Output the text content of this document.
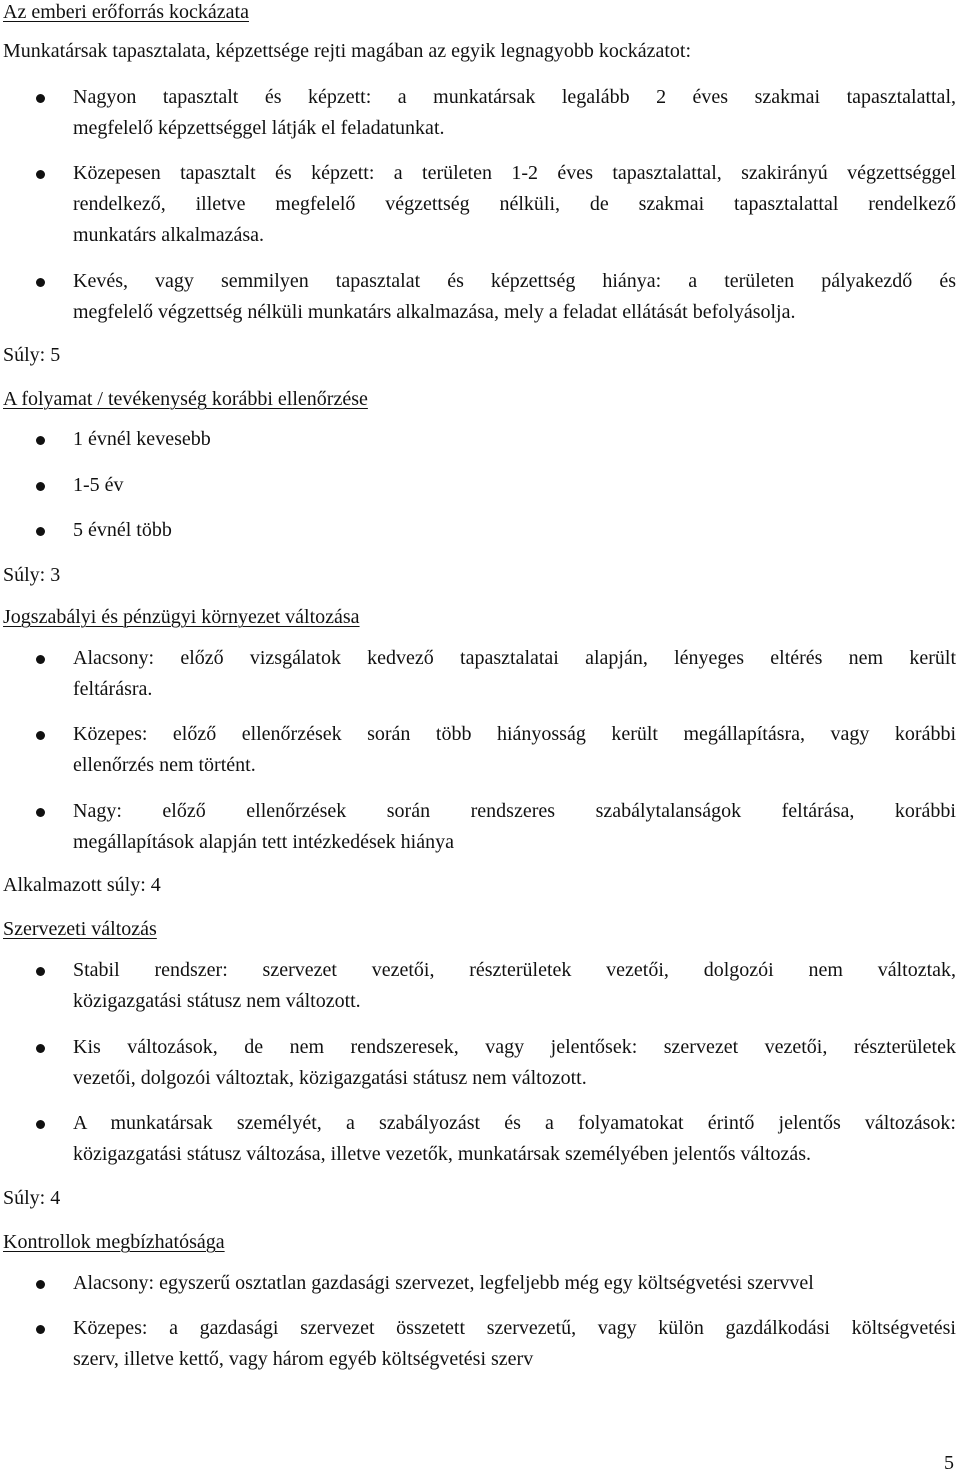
Az emberi erőforrás kockázata
Munkatársak tapasztalata, képzettsége rejti magában az egyik legnagyobb kockázatot:
Nagyon tapasztalt és képzett: a munkatársak legalább 2 éves szakmai tapasztalattal,
megfelelő képzettséggel látják el feladatunkat.
Közepesen tapasztalt és képzett: a területen 1-2 éves tapasztalattal, szakirányú végzettséggel
rendelkező, illetve megfelelő végzettség nélküli, de szakmai tapasztalattal rendelkező
munkatárs alkalmazása.
Kevés, vagy semmilyen tapasztalat és képzettség hiánya: a területen pályakezdő és
megfelelő végzettség nélküli munkatárs alkalmazása, mely a feladat ellátását befolyásolja.
Súly: 5
A folyamat / tevékenység korábbi ellenőrzése
1 évnél kevesebb
1-5 év
5 évnél több
Súly: 3
Jogszabályi és pénzügyi környezet változása
Alacsony: előző vizsgálatok kedvező tapasztalatai alapján, lényeges eltérés nem került
feltárásra.
Közepes: előző ellenőrzések során több hiányosság került megállapításra, vagy korábbi
ellenőrzés nem történt.
Nagy: előző ellenőrzések során rendszeres szabálytalanságok feltárása, korábbi
megállapítások alapján tett intézkedések hiánya
Alkalmazott súly: 4
Szervezeti változás
Stabil rendszer: szervezet vezetői, részterületek vezetői, dolgozói nem változtak,
közigazgatási státusz nem változott.
Kis változások, de nem rendszeresek, vagy jelentősek: szervezet vezetői, részterületek
vezetői, dolgozói változtak, közigazgatási státusz nem változott.
A munkatársak személyét, a szabályozást és a folyamatokat érintő jelentős változások:
közigazgatási státusz változása, illetve vezetők, munkatársak személyében jelentős változás.
Súly: 4
Kontrollok megbízhatósága
Alacsony: egyszerű osztatlan gazdasági szervezet, legfeljebb még egy költségvetési szervvel
Közepes: a gazdasági szervezet összetett szervezetű, vagy külön gazdálkodási költségvetési
szerv, illetve kettő, vagy három egyéb költségvetési szerv
5
